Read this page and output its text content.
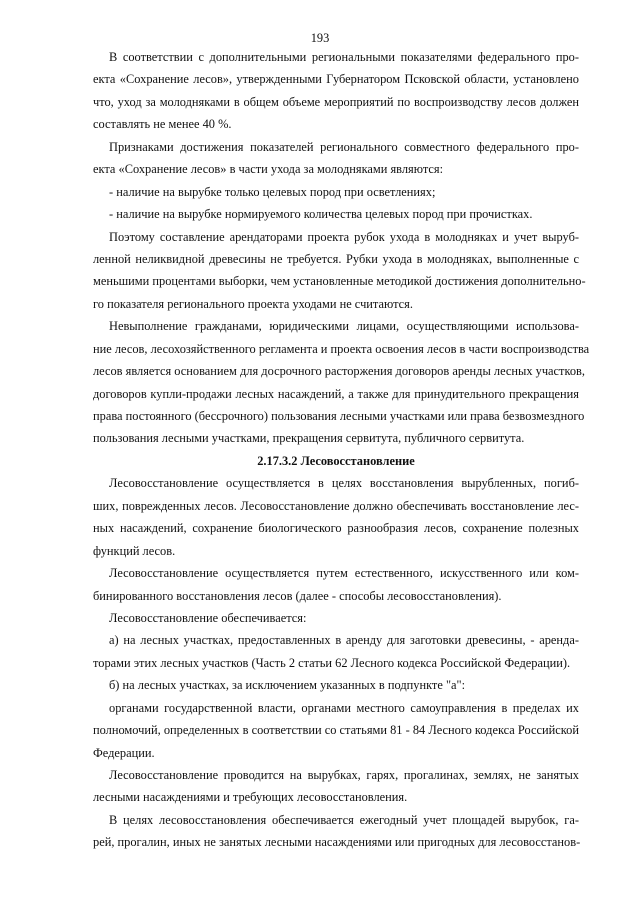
193
В соответствии с дополнительными региональными показателями федерального про-
екта «Сохранение лесов», утвержденными Губернатором Псковской области, установлено
что, уход за молодняками в общем объеме мероприятий по воспроизводству лесов должен
составлять не менее 40 %.
Признаками достижения показателей регионального совместного федерального про-
екта «Сохранение лесов» в части ухода за молодняками являются:
- наличие на вырубке только целевых пород при осветлениях;
- наличие на вырубке нормируемого количества целевых пород при прочистках.
Поэтому составление арендаторами проекта рубок ухода в молодняках и учет выруб-
ленной неликвидной древесины не требуется. Рубки ухода в молодняках, выполненные с
меньшими процентами выборки, чем установленные методикой достижения дополнительно-
го показателя регионального проекта уходами не считаются.
Невыполнение гражданами, юридическими лицами, осуществляющими использова-
ние лесов, лесохозяйственного регламента и проекта освоения лесов в части воспроизводства
лесов является основанием для досрочного расторжения договоров аренды лесных участков,
договоров купли-продажи лесных насаждений, а также для принудительного прекращения
права постоянного (бессрочного) пользования лесными участками или права безвозмездного
пользования лесными участками, прекращения сервитута, публичного сервитута.
2.17.3.2 Лесовосстановление
Лесовосстановление осуществляется в целях восстановления вырубленных, погиб-
ших, поврежденных лесов. Лесовосстановление должно обеспечивать восстановление лес-
ных насаждений, сохранение биологического разнообразия лесов, сохранение полезных
функций лесов.
Лесовосстановление осуществляется путем естественного, искусственного или ком-
бинированного восстановления лесов (далее - способы лесовосстановления).
Лесовосстановление обеспечивается:
а) на лесных участках, предоставленных в аренду для заготовки древесины, - аренда-
торами этих лесных участков (Часть 2 статьи 62 Лесного кодекса Российской Федерации).
б) на лесных участках, за исключением указанных в подпункте "а":
органами государственной власти, органами местного самоуправления в пределах их
полномочий, определенных в соответствии со статьями 81 - 84 Лесного кодекса Российской
Федерации.
Лесовосстановление проводится на вырубках, гарях, прогалинах, землях, не занятых
лесными насаждениями и требующих лесовосстановления.
В целях лесовосстановления обеспечивается ежегодный учет площадей вырубок, га-
рей, прогалин, иных не занятых лесными насаждениями или пригодных для лесовосстанов-
